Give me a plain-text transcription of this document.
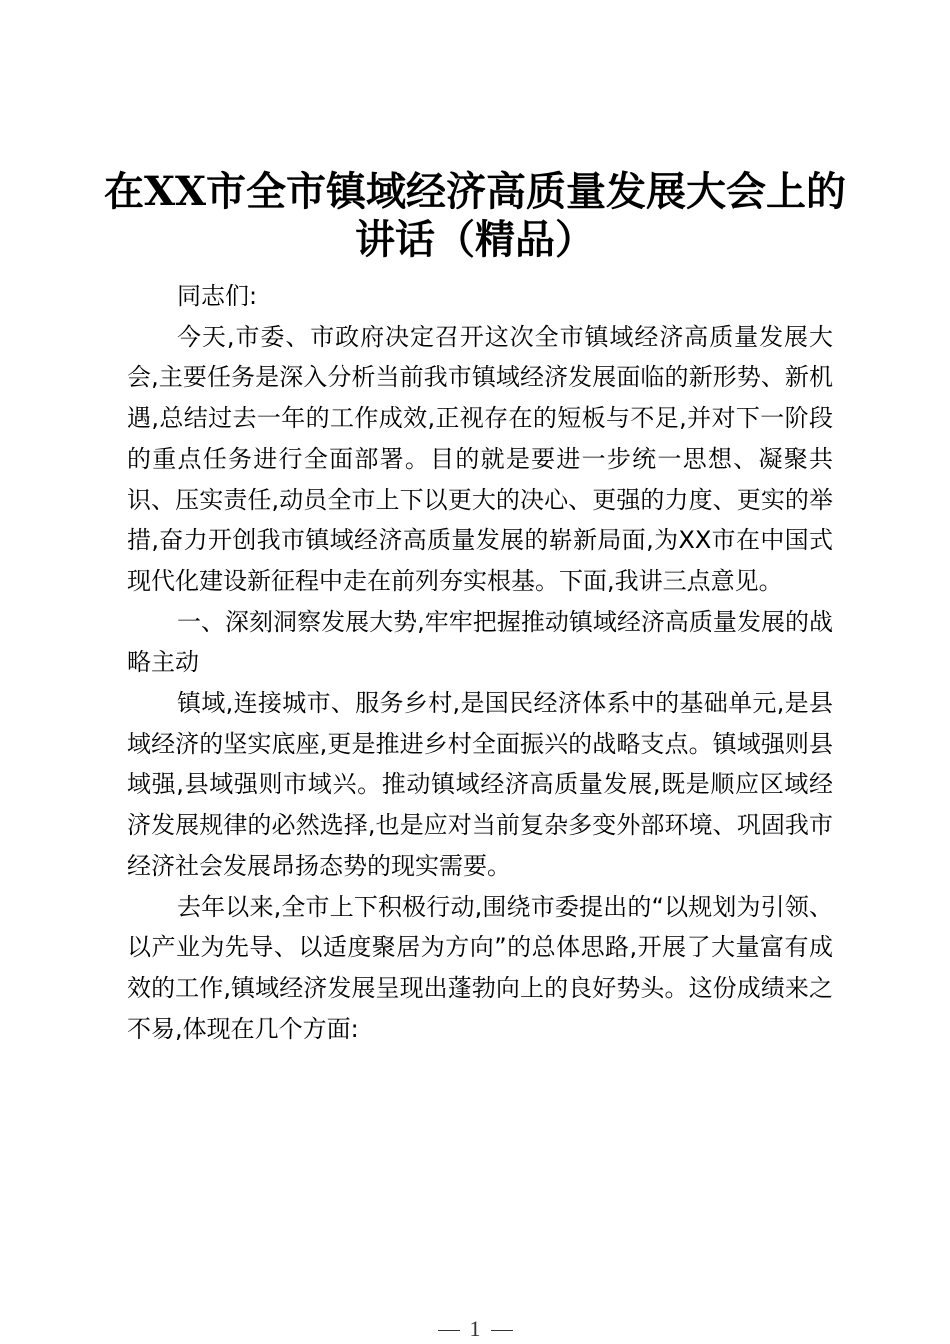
在XX市全市镇域经济高质量发展大会上的讲话（精品）

同志们:

今天,市委、市政府决定召开这次全市镇域经济高质量发展大会,主要任务是深入分析当前我市镇域经济发展面临的新形势、新机遇,总结过去一年的工作成效,正视存在的短板与不足,并对下一阶段的重点任务进行全面部署。目的就是要进一步统一思想、凝聚共识、压实责任,动员全市上下以更大的决心、更强的力度、更实的举措,奋力开创我市镇域经济高质量发展的崭新局面,为XX市在中国式现代化建设新征程中走在前列夯实根基。下面,我讲三点意见。

一、深刻洞察发展大势,牢牢把握推动镇域经济高质量发展的战略主动

镇域,连接城市、服务乡村,是国民经济体系中的基础单元,是县域经济的坚实底座,更是推进乡村全面振兴的战略支点。镇域强则县域强,县域强则市域兴。推动镇域经济高质量发展,既是顺应区域经济发展规律的必然选择,也是应对当前复杂多变外部环境、巩固我市经济社会发展昂扬态势的现实需要。

去年以来,全市上下积极行动,围绕市委提出的“以规划为引领、以产业为先导、以适度聚居为方向”的总体思路,开展了大量富有成效的工作,镇域经济发展呈现出蓬勃向上的良好势头。这份成绩来之不易,体现在几个方面:

1
